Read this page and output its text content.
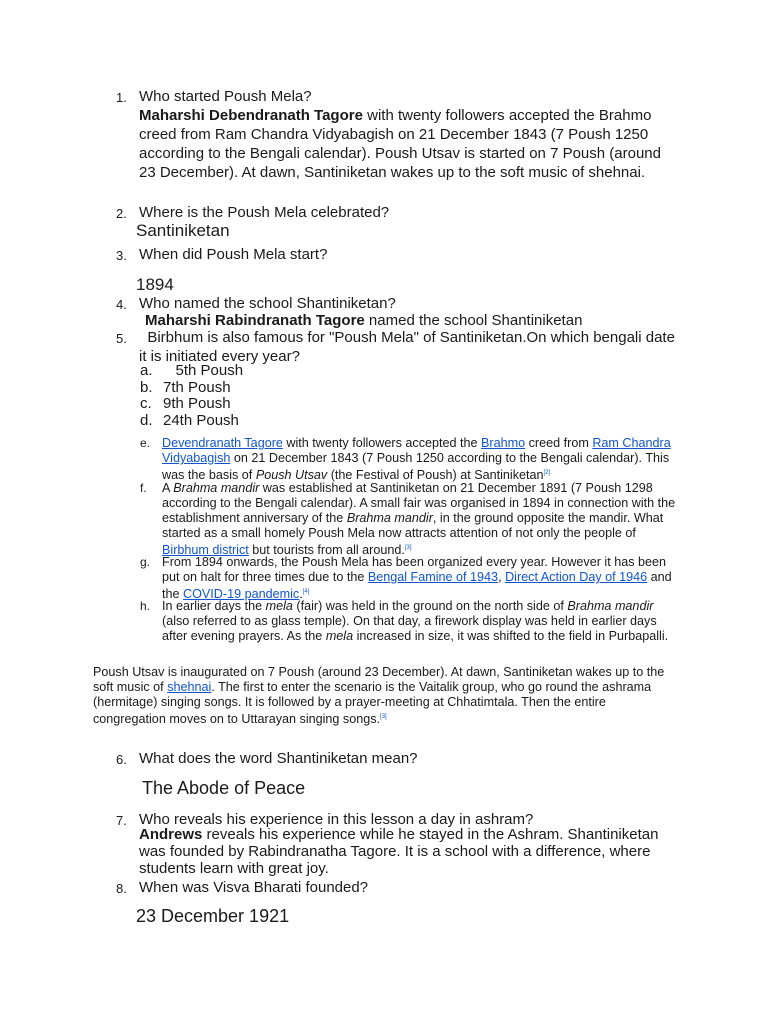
1. Who started Poush Mela?
Maharshi Debendranath Tagore with twenty followers accepted the Brahmo creed from Ram Chandra Vidyabagish on 21 December 1843 (7 Poush 1250 according to the Bengali calendar). Poush Utsav is started on 7 Poush (around 23 December). At dawn, Santiniketan wakes up to the soft music of shehnai.
2. Where is the Poush Mela celebrated?
Santiniketan
3. When did Poush Mela start?
1894
4. Who named the school Shantiniketan?
Maharshi Rabindranath Tagore named the school Shantiniketan
5. Birbhum is also famous for "Poush Mela" of Santiniketan.On which bengali date it is initiated every year?
a. 5th Poush
b. 7th Poush
c. 9th Poush
d. 24th Poush
e. Devendranath Tagore with twenty followers accepted the Brahmo creed from Ram Chandra Vidyabagish on 21 December 1843 (7 Poush 1250 according to the Bengali calendar). This was the basis of Poush Utsav (the Festival of Poush) at Santiniketan[2]
f. A Brahma mandir was established at Santiniketan on 21 December 1891 (7 Poush 1298 according to the Bengali calendar). A small fair was organised in 1894 in connection with the establishment anniversary of the Brahma mandir, in the ground opposite the mandir. What started as a small homely Poush Mela now attracts attention of not only the people of Birbhum district but tourists from all around.[3]
g. From 1894 onwards, the Poush Mela has been organized every year. However it has been put on halt for three times due to the Bengal Famine of 1943, Direct Action Day of 1946 and the COVID-19 pandemic.[4]
h. In earlier days the mela (fair) was held in the ground on the north side of Brahma mandir (also referred to as glass temple). On that day, a firework display was held in earlier days after evening prayers. As the mela increased in size, it was shifted to the field in Purbapalli.
Poush Utsav is inaugurated on 7 Poush (around 23 December). At dawn, Santiniketan wakes up to the soft music of shehnai. The first to enter the scenario is the Vaitalik group, who go round the ashrama (hermitage) singing songs. It is followed by a prayer-meeting at Chhatimtala. Then the entire congregation moves on to Uttarayan singing songs.[3]
6. What does the word Shantiniketan mean?
The Abode of Peace
7. Who reveals his experience in this lesson a day in ashram?
Andrews reveals his experience while he stayed in the Ashram. Shantiniketan was founded by Rabindranatha Tagore. It is a school with a difference, where students learn with great joy.
8. When was Visva Bharati founded?
23 December 1921
